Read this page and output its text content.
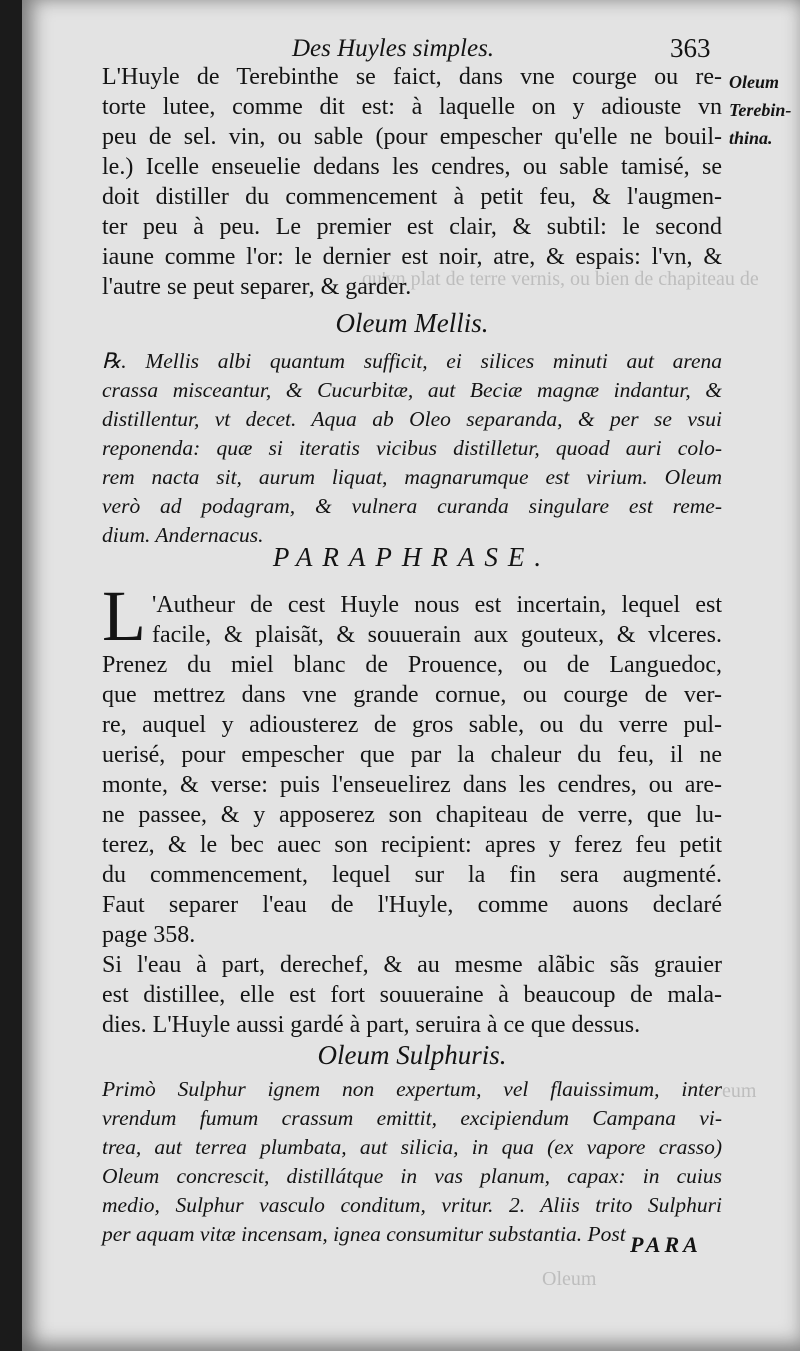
qu'vn plat de terre vernis, ou bien de chapiteau de
eum
Oleum
Des Huyles simples.	363
Oleum
Terebin-
thina.
L'Huyle de Terebinthe se faict, dans vne courge ou re-
torte lutee, comme dit est: à laquelle on y adiouste vn
peu de sel. vin, ou sable (pour empescher qu'elle ne bouil-
le.) Icelle enseuelie dedans les cendres, ou sable tamisé, se
doit distiller du commencement à petit feu, & l'augmen-
ter peu à peu. Le premier est clair, & subtil: le second
iaune comme l'or: le dernier est noir, atre, & espais: l'vn, &
l'autre se peut separer, & garder.
Oleum Mellis.
℞. Mellis albi quantum sufficit, ei silices minuti aut arena
crassa misceantur, & Cucurbitæ, aut Beciæ magnæ indantur, &
distillentur, vt decet. Aqua ab Oleo separanda, & per se vsui
reponenda: quæ si iteratis vicibus distilletur, quoad auri colo-
rem nacta sit, aurum liquat, magnarumque est virium. Oleum
verò ad podagram, & vulnera curanda singulare est reme-
dium. Andernacus.
PARAPHRASE.
L 'Autheur de cest Huyle nous est incertain, lequel est
facile, & plaisãt, & souuerain aux gouteux, & vlceres.
Prenez du miel blanc de Prouence, ou de Languedoc,
que mettrez dans vne grande cornue, ou courge de ver-
re, auquel y adiousterez de gros sable, ou du verre pul-
uerisé, pour empescher que par la chaleur du feu, il ne
monte, & verse: puis l'enseuelirez dans les cendres, ou are-
ne passee, & y apposerez son chapiteau de verre, que lu-
terez, & le bec auec son recipient: apres y ferez feu petit
du commencement, lequel sur la fin sera augmenté.
Faut separer l'eau de l'Huyle, comme auons declaré
page 358.
Si l'eau à part, derechef, & au mesme alãbic sãs grauier
est distillee, elle est fort souueraine à beaucoup de mala-
dies. L'Huyle aussi gardé à part, seruira à ce que dessus.
Oleum Sulphuris.
Primò Sulphur ignem non expertum, vel flauissimum, inter
vrendum fumum crassum emittit, excipiendum Campana vi-
trea, aut terrea plumbata, aut silicia, in qua (ex vapore crasso)
Oleum concrescit, distillátque in vas planum, capax: in cuius
medio, Sulphur vasculo conditum, vritur. 2. Aliis trito Sulphuri
per aquam vitæ incensam, ignea consumitur substantia. Post PARA
